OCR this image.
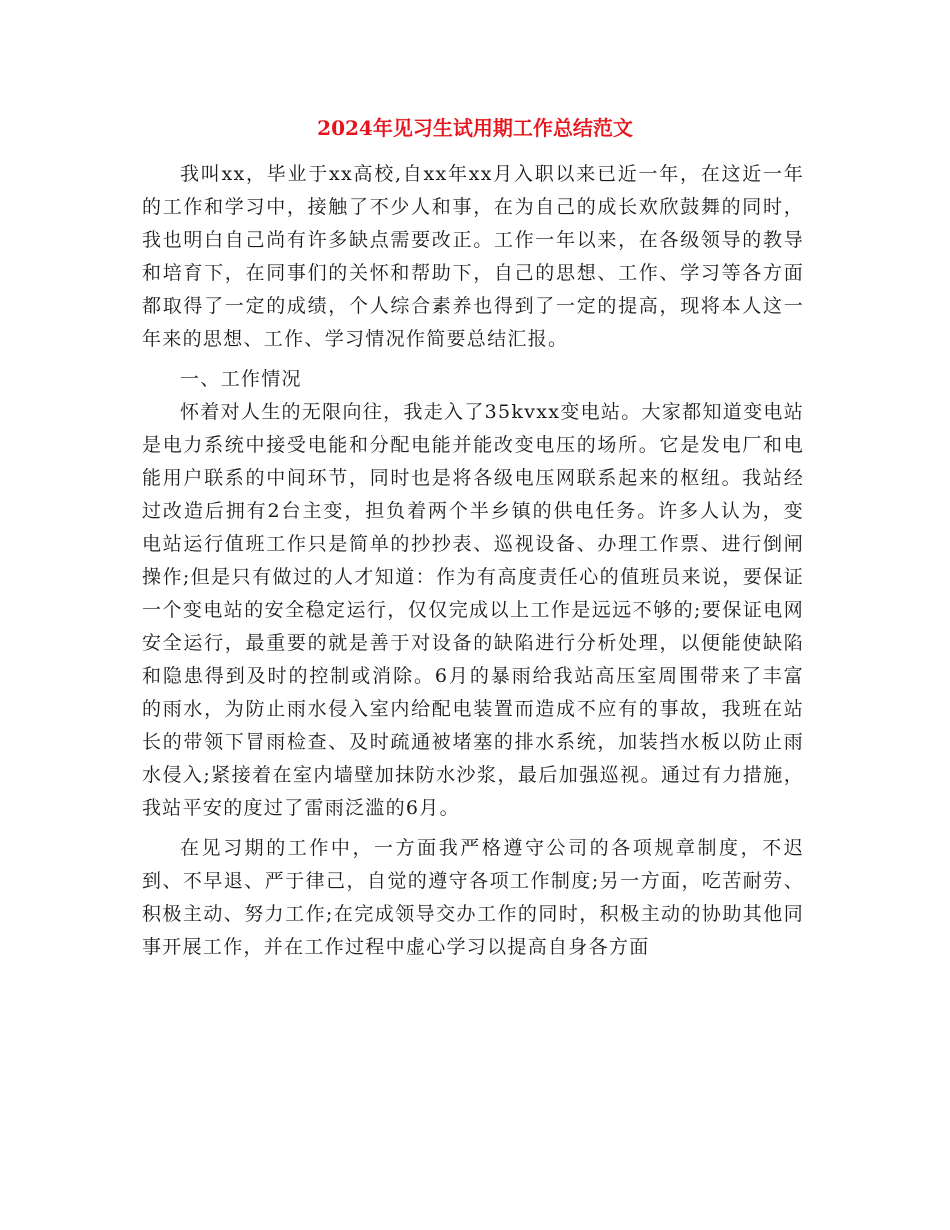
2024年见习生试用期工作总结范文

我叫xx，毕业于xx高校,自xx年xx月入职以来已近一年，在这近一年的工作和学习中，接触了不少人和事，在为自己的成长欢欣鼓舞的同时，我也明白自己尚有许多缺点需要改正。工作一年以来，在各级领导的教导和培育下，在同事们的关怀和帮助下，自己的思想、工作、学习等各方面都取得了一定的成绩，个人综合素养也得到了一定的提高，现将本人这一年来的思想、工作、学习情况作简要总结汇报。

一、工作情况

怀着对人生的无限向往，我走入了35kvxx变电站。大家都知道变电站是电力系统中接受电能和分配电能并能改变电压的场所。它是发电厂和电能用户联系的中间环节，同时也是将各级电压网联系起来的枢纽。我站经过改造后拥有2台主变，担负着两个半乡镇的供电任务。许多人认为，变电站运行值班工作只是简单的抄抄表、巡视设备、办理工作票、进行倒闸操作;但是只有做过的人才知道：作为有高度责任心的值班员来说，要保证一个变电站的安全稳定运行，仅仅完成以上工作是远远不够的;要保证电网安全运行，最重要的就是善于对设备的缺陷进行分析处理，以便能使缺陷和隐患得到及时的控制或消除。6月的暴雨给我站高压室周围带来了丰富的雨水，为防止雨水侵入室内给配电装置而造成不应有的事故，我班在站长的带领下冒雨检查、及时疏通被堵塞的排水系统，加装挡水板以防止雨水侵入;紧接着在室内墙壁加抹防水沙浆，最后加强巡视。通过有力措施，我站平安的度过了雷雨泛滥的6月。

在见习期的工作中，一方面我严格遵守公司的各项规章制度，不迟到、不早退、严于律己，自觉的遵守各项工作制度;另一方面，吃苦耐劳、积极主动、努力工作;在完成领导交办工作的同时，积极主动的协助其他同事开展工作，并在工作过程中虚心学习以提高自身各方面
